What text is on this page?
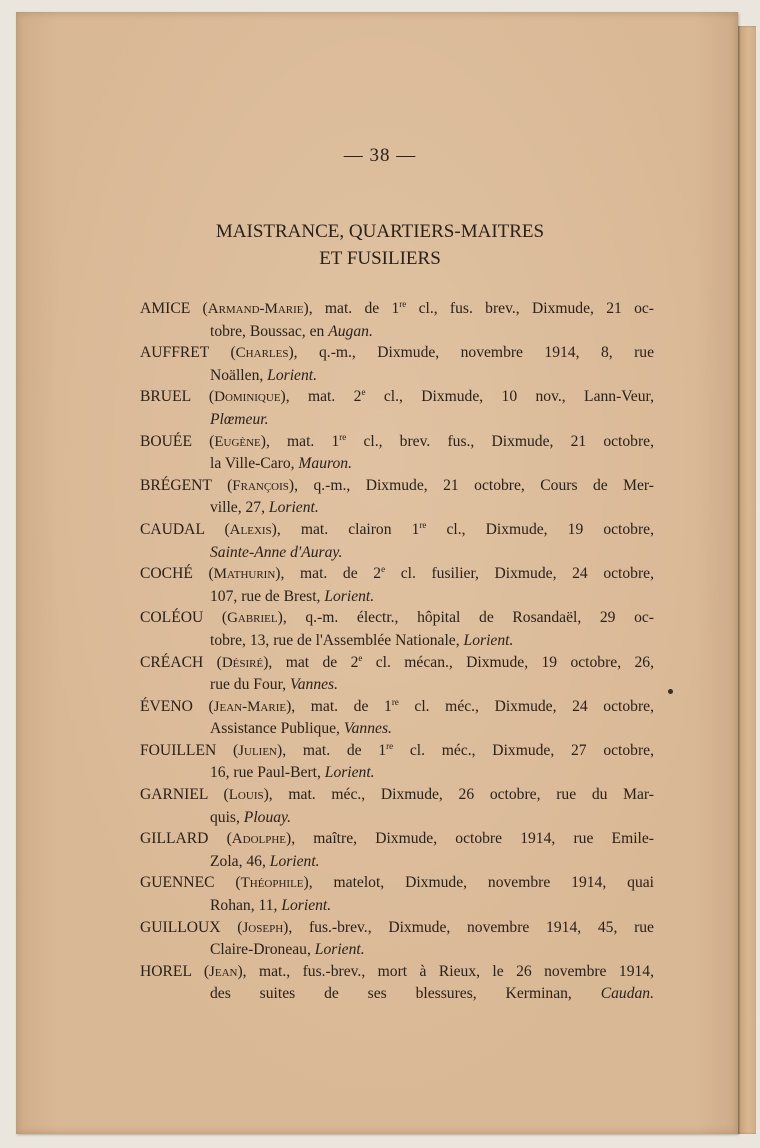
— 38 —
MAISTRANCE, QUARTIERS-MAITRES
ET FUSILIERS
AMICE (Armand-Marie), mat. de 1re cl., fus. brev., Dixmude, 21 oc-
tobre, Boussac, en Augan.
AUFFRET (Charles), q.-m., Dixmude, novembre 1914, 8, rue
Noällen, Lorient.
BRUEL (Dominique), mat. 2e cl., Dixmude, 10 nov., Lann-Veur,
Plœmeur.
BOUÉE (Eugène), mat. 1re cl., brev. fus., Dixmude, 21 octobre,
la Ville-Caro, Mauron.
BRÉGENT (François), q.-m., Dixmude, 21 octobre, Cours de Mer-
ville, 27, Lorient.
CAUDAL (Alexis), mat. clairon 1re cl., Dixmude, 19 octobre,
Sainte-Anne d'Auray.
COCHÉ (Mathurin), mat. de 2e cl. fusilier, Dixmude, 24 octobre,
107, rue de Brest, Lorient.
COLÉOU (Gabriel), q.-m. électr., hôpital de Rosandaël, 29 oc-
tobre, 13, rue de l'Assemblée Nationale, Lorient.
CRÉACH (Désiré), mat de 2e cl. mécan., Dixmude, 19 octobre, 26,
rue du Four, Vannes.
ÉVENO (Jean-Marie), mat. de 1re cl. méc., Dixmude, 24 octobre,
Assistance Publique, Vannes.
FOUILLEN (Julien), mat. de 1re cl. méc., Dixmude, 27 octobre,
16, rue Paul-Bert, Lorient.
GARNIEL (Louis), mat. méc., Dixmude, 26 octobre, rue du Mar-
quis, Plouay.
GILLARD (Adolphe), maître, Dixmude, octobre 1914, rue Emile-
Zola, 46, Lorient.
GUENNEC (Théophile), matelot, Dixmude, novembre 1914, quai
Rohan, 11, Lorient.
GUILLOUX (Joseph), fus.-brev., Dixmude, novembre 1914, 45, rue
Claire-Droneau, Lorient.
HOREL (Jean), mat., fus.-brev., mort à Rieux, le 26 novembre 1914,
des suites de ses blessures, Kerminan, Caudan.
